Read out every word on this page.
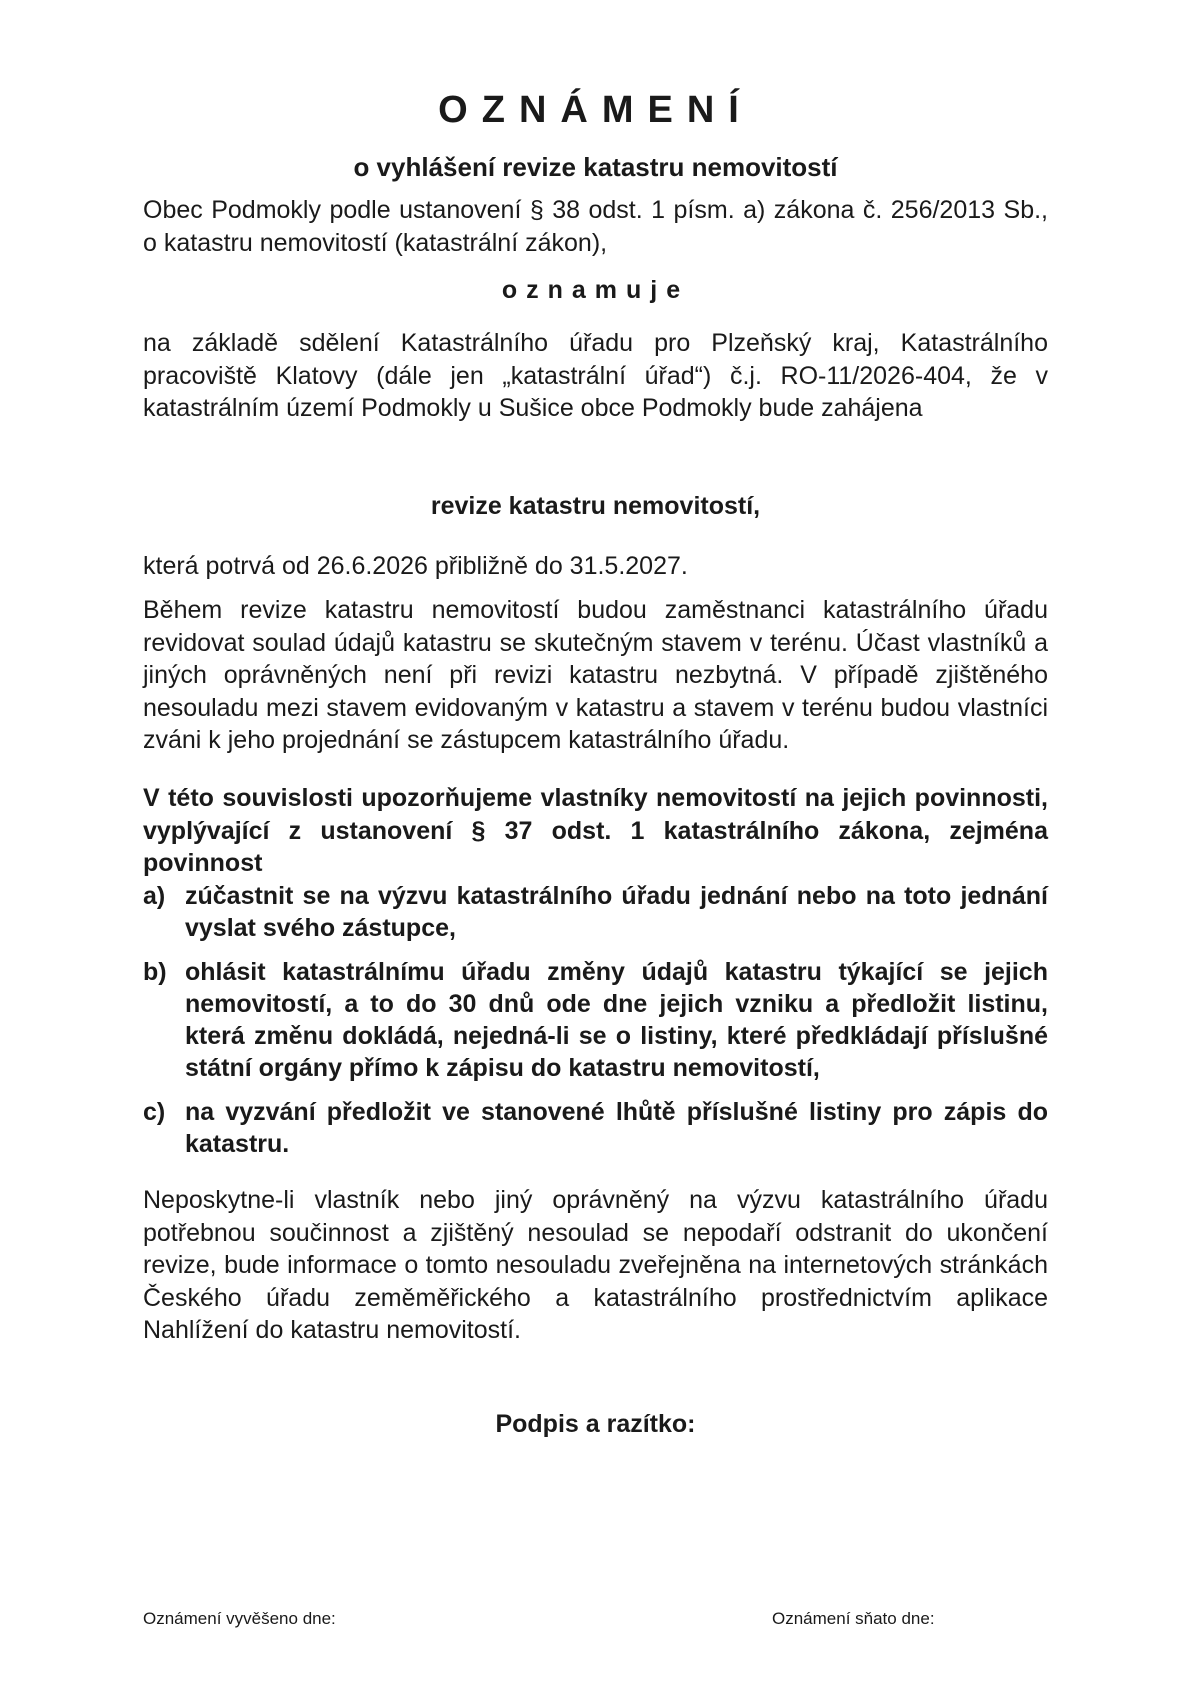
OZNÁMENÍ
o vyhlášení revize katastru nemovitostí

Obec Podmokly podle ustanovení § 38 odst. 1 písm. a) zákona č. 256/2013 Sb., o katastru nemovitostí (katastrální zákon),

oznamuje

na základě sdělení Katastrálního úřadu pro Plzeňský kraj, Katastrálního pracoviště Klatovy (dále jen „katastrální úřad“) č.j. RO-11/2026-404, že v katastrálním území Podmokly u Sušice obce Podmokly bude zahájena

revize katastru nemovitostí,

která potrvá od 26.6.2026 přibližně do 31.5.2027.

Během revize katastru nemovitostí budou zaměstnanci katastrálního úřadu revidovat soulad údajů katastru se skutečným stavem v terénu. Účast vlastníků a jiných oprávněných není při revizi katastru nezbytná. V případě zjištěného nesouladu mezi stavem evidovaným v katastru a stavem v terénu budou vlastníci zváni k jeho projednání se zástupcem katastrálního úřadu.

V této souvislosti upozorňujeme vlastníky nemovitostí na jejich povinnosti, vyplývající z ustanovení § 37 odst. 1 katastrálního zákona, zejména povinnost

a) zúčastnit se na výzvu katastrálního úřadu jednání nebo na toto jednání vyslat svého zástupce,
b) ohlásit katastrálnímu úřadu změny údajů katastru týkající se jejich nemovitostí, a to do 30 dnů ode dne jejich vzniku a předložit listinu, která změnu dokládá, nejedná-li se o listiny, které předkládají příslušné státní orgány přímo k zápisu do katastru nemovitostí,
c) na vyzvání předložit ve stanovené lhůtě příslušné listiny pro zápis do katastru.

Neposkytne-li vlastník nebo jiný oprávněný na výzvu katastrálního úřadu potřebnou součinnost a zjištěný nesoulad se nepodaří odstranit do ukončení revize, bude informace o tomto nesouladu zveřejněna na internetových stránkách Českého úřadu zeměměřického a katastrálního prostřednictvím aplikace Nahlížení do katastru nemovitostí.

Podpis a razítko:

Oznámení vyvěšeno dne:	Oznámení sňato dne:
